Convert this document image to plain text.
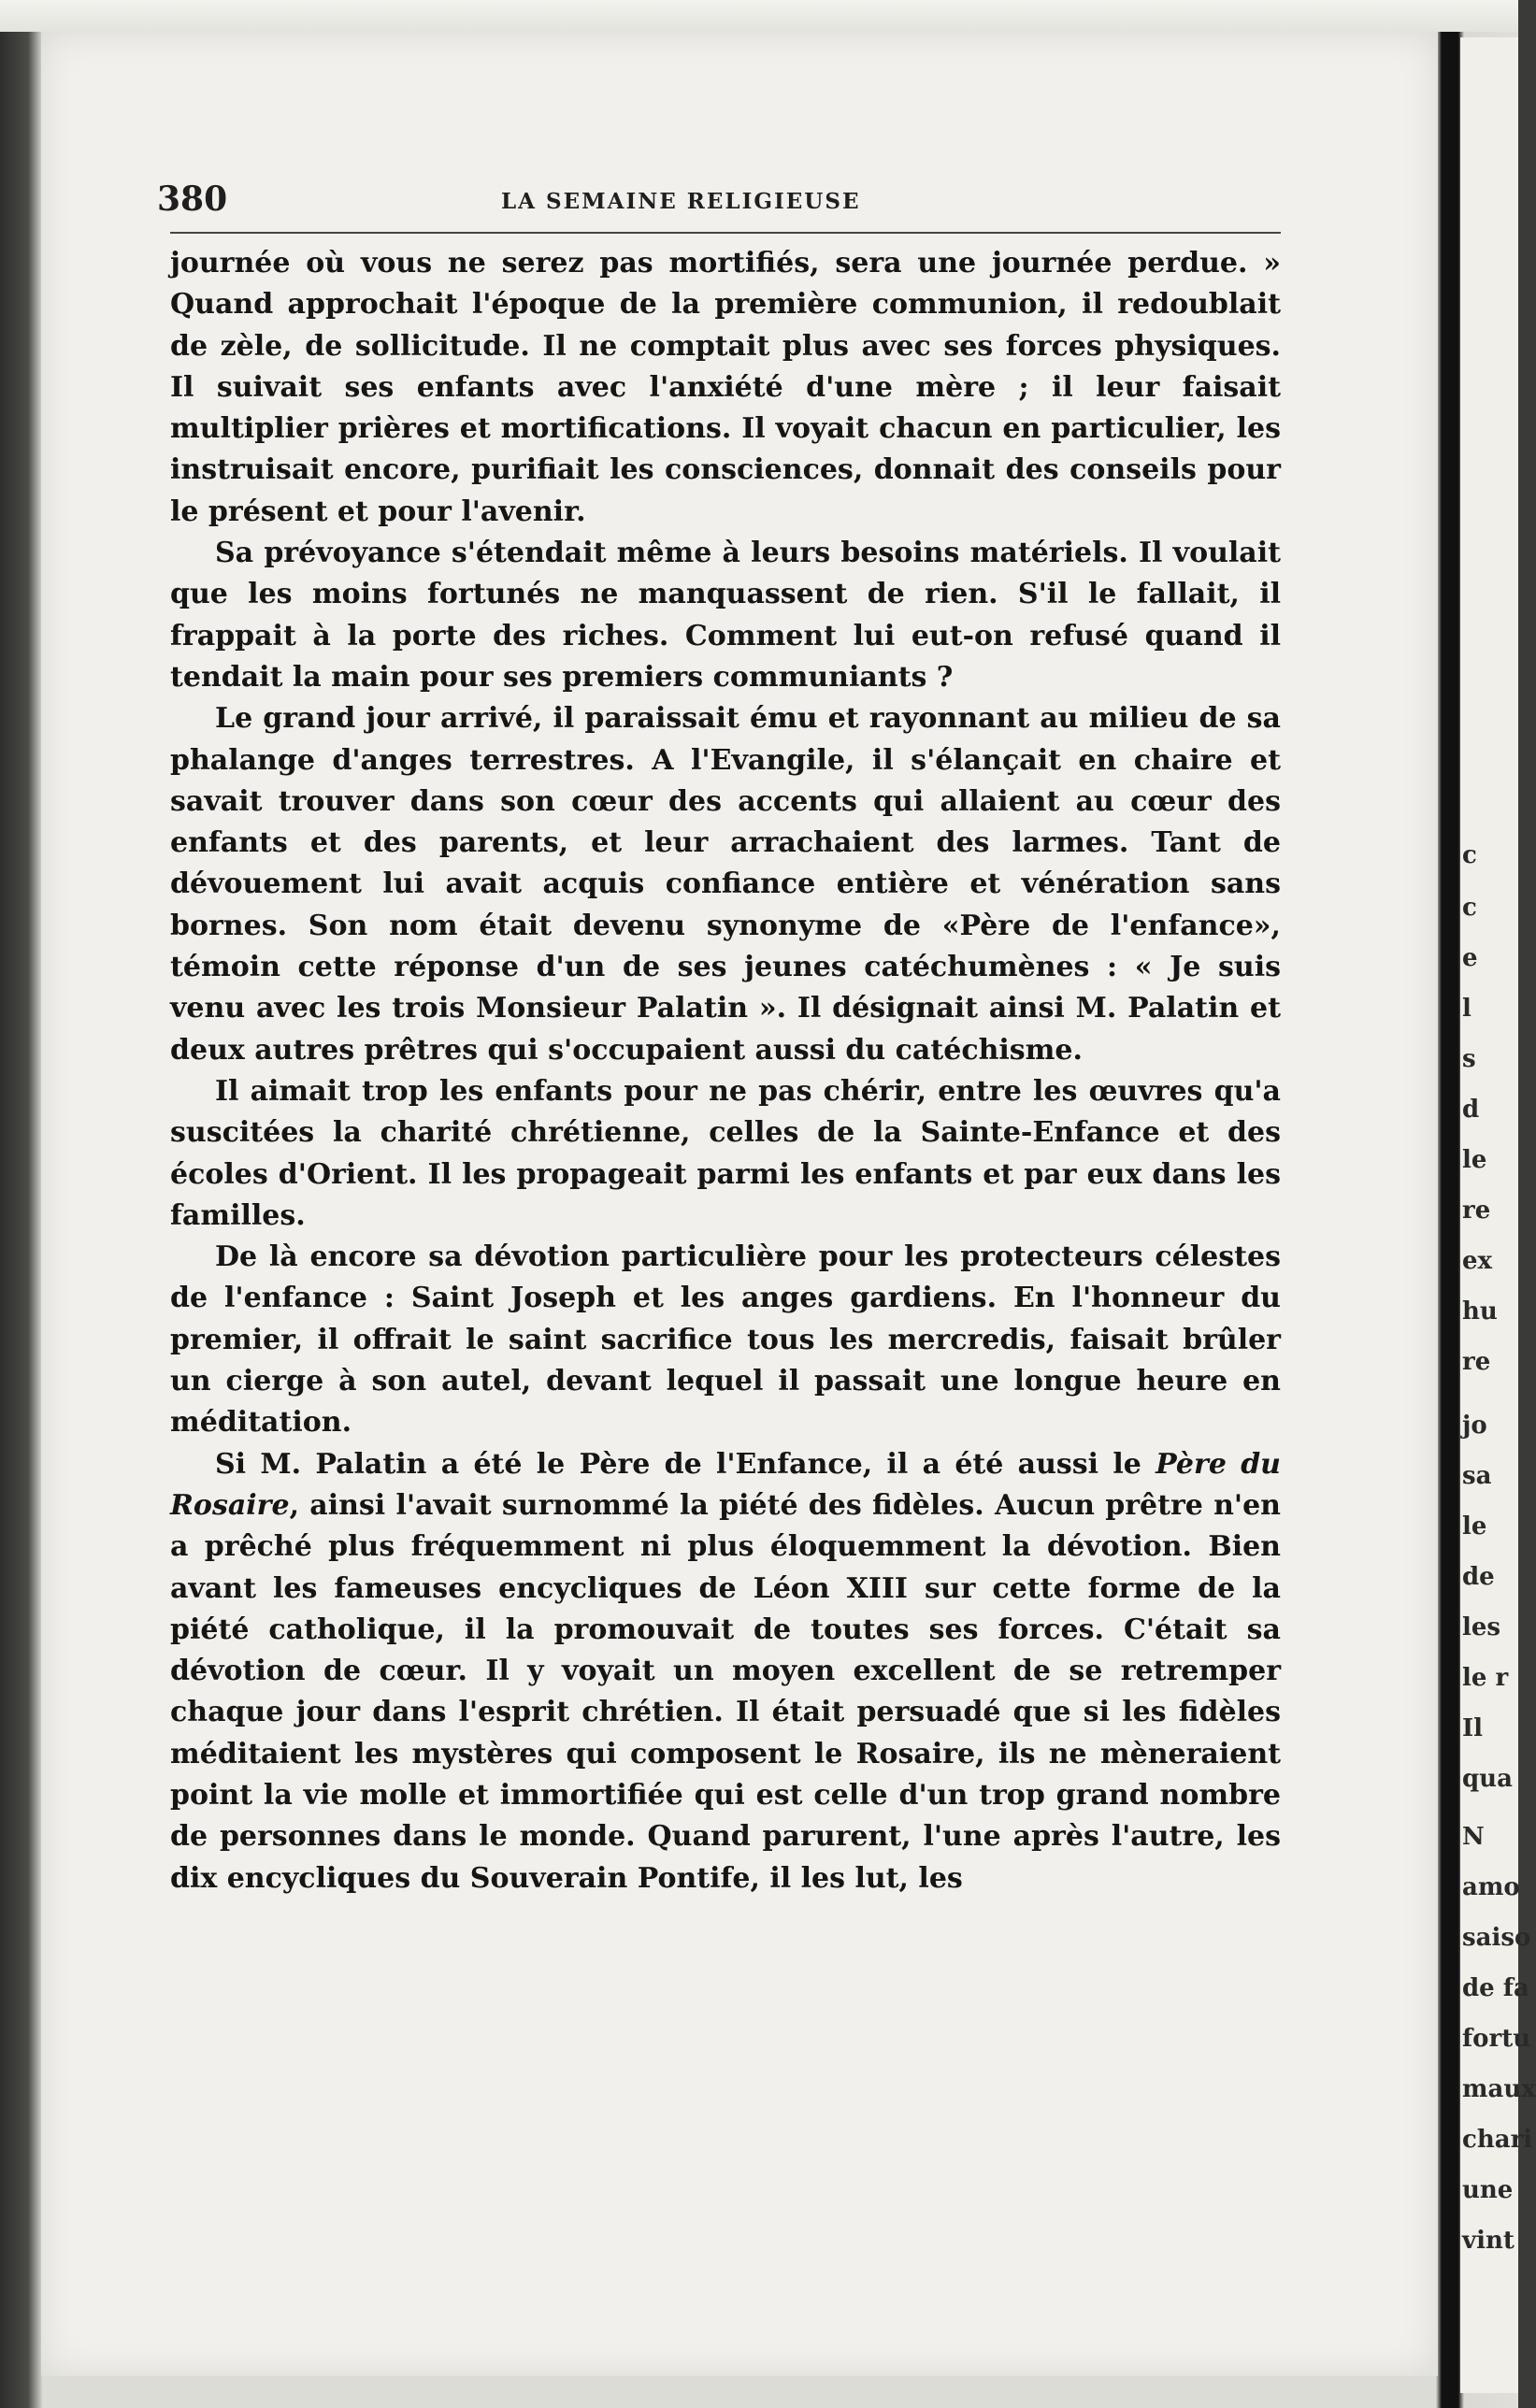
380	LA SEMAINE RELIGIEUSE

journée où vous ne serez pas mortifiés, sera une journée perdue. » Quand approchait l'époque de la première communion, il redoublait de zèle, de sollicitude. Il ne comptait plus avec ses forces physiques. Il suivait ses enfants avec l'anxiété d'une mère ; il leur faisait multiplier prières et mortifications. Il voyait chacun en particulier, les instruisait encore, purifiait les consciences, donnait des conseils pour le présent et pour l'avenir.

Sa prévoyance s'étendait même à leurs besoins matériels. Il voulait que les moins fortunés ne manquassent de rien. S'il le fallait, il frappait à la porte des riches. Comment lui eut-on refusé quand il tendait la main pour ses premiers communiants ?

Le grand jour arrivé, il paraissait ému et rayonnant au milieu de sa phalange d'anges terrestres. A l'Evangile, il s'élançait en chaire et savait trouver dans son cœur des accents qui allaient au cœur des enfants et des parents, et leur arrachaient des larmes. Tant de dévouement lui avait acquis confiance entière et vénération sans bornes. Son nom était devenu synonyme de «Père de l'enfance», témoin cette réponse d'un de ses jeunes catéchumènes : « Je suis venu avec les trois Monsieur Palatin ». Il désignait ainsi M. Palatin et deux autres prêtres qui s'occupaient aussi du catéchisme.

Il aimait trop les enfants pour ne pas chérir, entre les œuvres qu'a suscitées la charité chrétienne, celles de la Sainte-Enfance et des écoles d'Orient. Il les propageait parmi les enfants et par eux dans les familles.

De là encore sa dévotion particulière pour les protecteurs célestes de l'enfance : Saint Joseph et les anges gardiens. En l'honneur du premier, il offrait le saint sacrifice tous les mercredis, faisait brûler un cierge à son autel, devant lequel il passait une longue heure en méditation.

Si M. Palatin a été le Père de l'Enfance, il a été aussi le Père du Rosaire, ainsi l'avait surnommé la piété des fidèles. Aucun prêtre n'en a prêché plus fréquemment ni plus éloquemment la dévotion. Bien avant les fameuses encycliques de Léon XIII sur cette forme de la piété catholique, il la promouvait de toutes ses forces. C'était sa dévotion de cœur. Il y voyait un moyen excellent de se retremper chaque jour dans l'esprit chrétien. Il était persuadé que si les fidèles méditaient les mystères qui composent le Rosaire, ils ne mèneraient point la vie molle et immortifiée qui est celle d'un trop grand nombre de personnes dans le monde. Quand parurent, l'une après l'autre, les dix encycliques du Souverain Pontife, il les lut, les

c
c
e
l
s
d
le
re
ex
hu
re
jo
sa
le
de
les
le r
Il
qua
N
amo
saiso
de fa
fortu
maux
chari
une
vint
